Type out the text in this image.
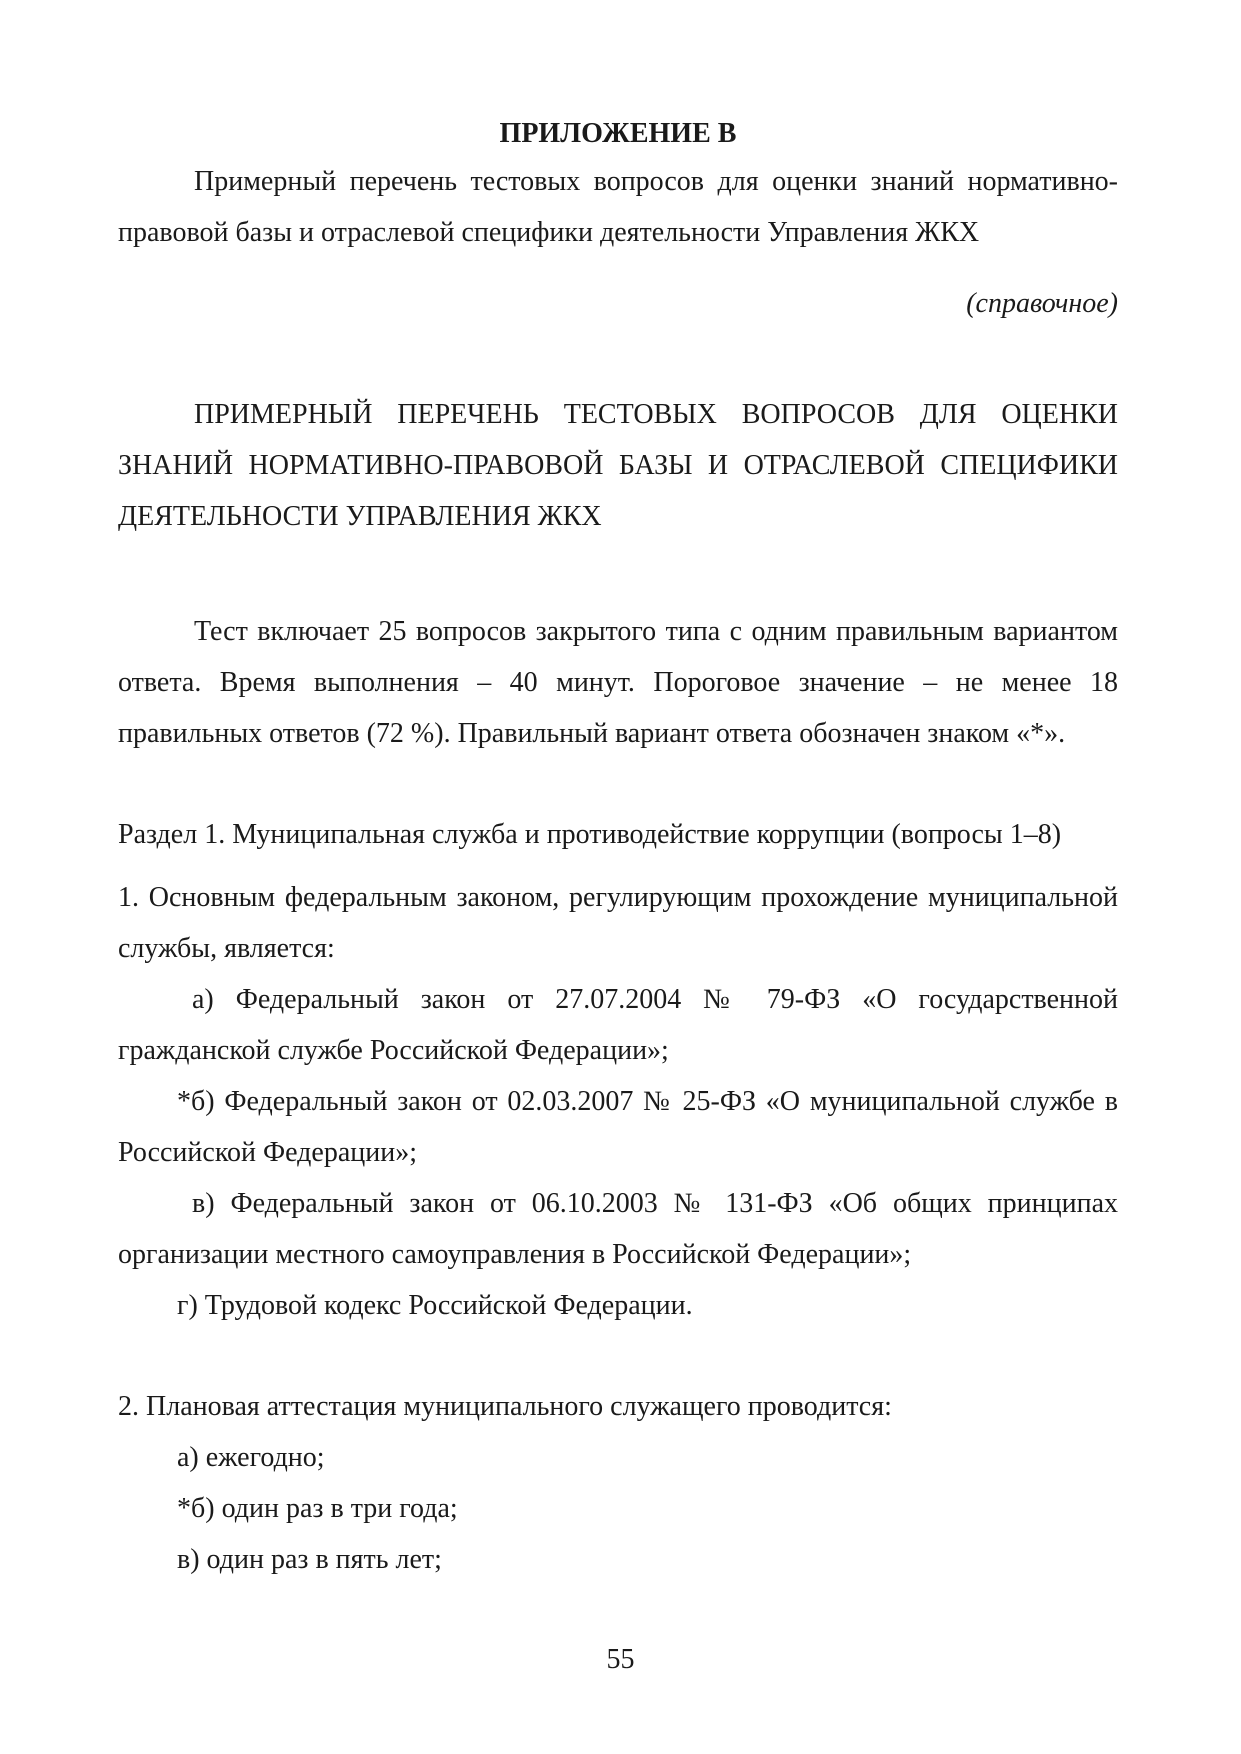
ПРИЛОЖЕНИЕ В

Примерный перечень тестовых вопросов для оценки знаний нормативно-правовой базы и отраслевой специфики деятельности Управления ЖКХ

(справочное)

ПРИМЕРНЫЙ ПЕРЕЧЕНЬ ТЕСТОВЫХ ВОПРОСОВ ДЛЯ ОЦЕНКИ ЗНАНИЙ НОРМАТИВНО-ПРАВОВОЙ БАЗЫ И ОТРАСЛЕВОЙ СПЕЦИФИКИ ДЕЯТЕЛЬНОСТИ УПРАВЛЕНИЯ ЖКХ

Тест включает 25 вопросов закрытого типа с одним правильным вариантом ответа. Время выполнения – 40 минут. Пороговое значение – не менее 18 правильных ответов (72 %). Правильный вариант ответа обозначен знаком «*».

Раздел 1. Муниципальная служба и противодействие коррупции (вопросы 1–8)

1. Основным федеральным законом, регулирующим прохождение муниципальной службы, является:

а) Федеральный закон от 27.07.2004 № 79-ФЗ «О государственной гражданской службе Российской Федерации»;

*б) Федеральный закон от 02.03.2007 № 25-ФЗ «О муниципальной службе в Российской Федерации»;

в) Федеральный закон от 06.10.2003 № 131-ФЗ «Об общих принципах организации местного самоуправления в Российской Федерации»;

г) Трудовой кодекс Российской Федерации.

2. Плановая аттестация муниципального служащего проводится:

а) ежегодно;

*б) один раз в три года;

в) один раз в пять лет;

55
